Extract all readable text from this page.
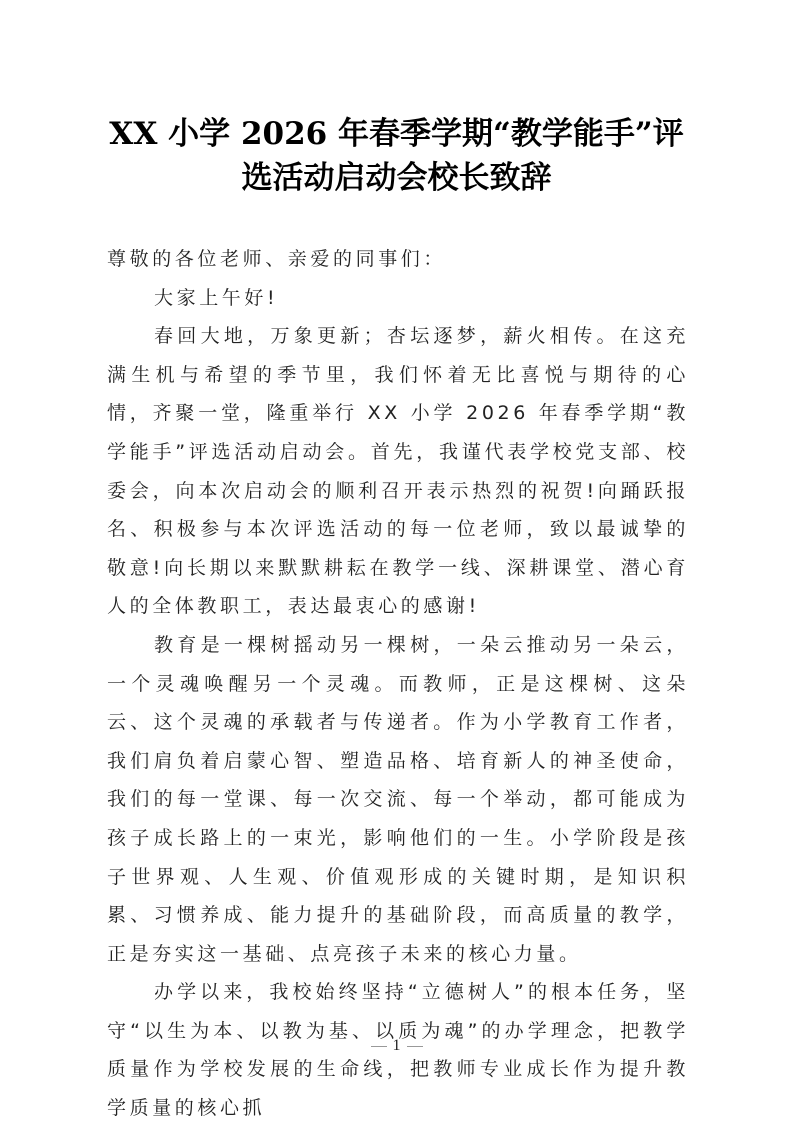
XX 小学 2026 年春季学期“教学能手”评
选活动启动会校长致辞

尊敬的各位老师、亲爱的同事们：

大家上午好!

春回大地，万象更新；杏坛逐梦，薪火相传。在这充满生机与希望的季节里，我们怀着无比喜悦与期待的心情，齐聚一堂，隆重举行 XX 小学 2026 年春季学期“教学能手”评选活动启动会。首先，我谨代表学校党支部、校委会，向本次启动会的顺利召开表示热烈的祝贺!向踊跃报名、积极参与本次评选活动的每一位老师，致以最诚挚的敬意!向长期以来默默耕耘在教学一线、深耕课堂、潜心育人的全体教职工，表达最衷心的感谢!

教育是一棵树摇动另一棵树，一朵云推动另一朵云，一个灵魂唤醒另一个灵魂。而教师，正是这棵树、这朵云、这个灵魂的承载者与传递者。作为小学教育工作者，我们肩负着启蒙心智、塑造品格、培育新人的神圣使命，我们的每一堂课、每一次交流、每一个举动，都可能成为孩子成长路上的一束光，影响他们的一生。小学阶段是孩子世界观、人生观、价值观形成的关键时期，是知识积累、习惯养成、能力提升的基础阶段，而高质量的教学，正是夯实这一基础、点亮孩子未来的核心力量。

办学以来，我校始终坚持“立德树人”的根本任务，坚守“以生为本、以教为基、以质为魂”的办学理念，把教学质量作为学校发展的生命线，把教师专业成长作为提升教学质量的核心抓

1
